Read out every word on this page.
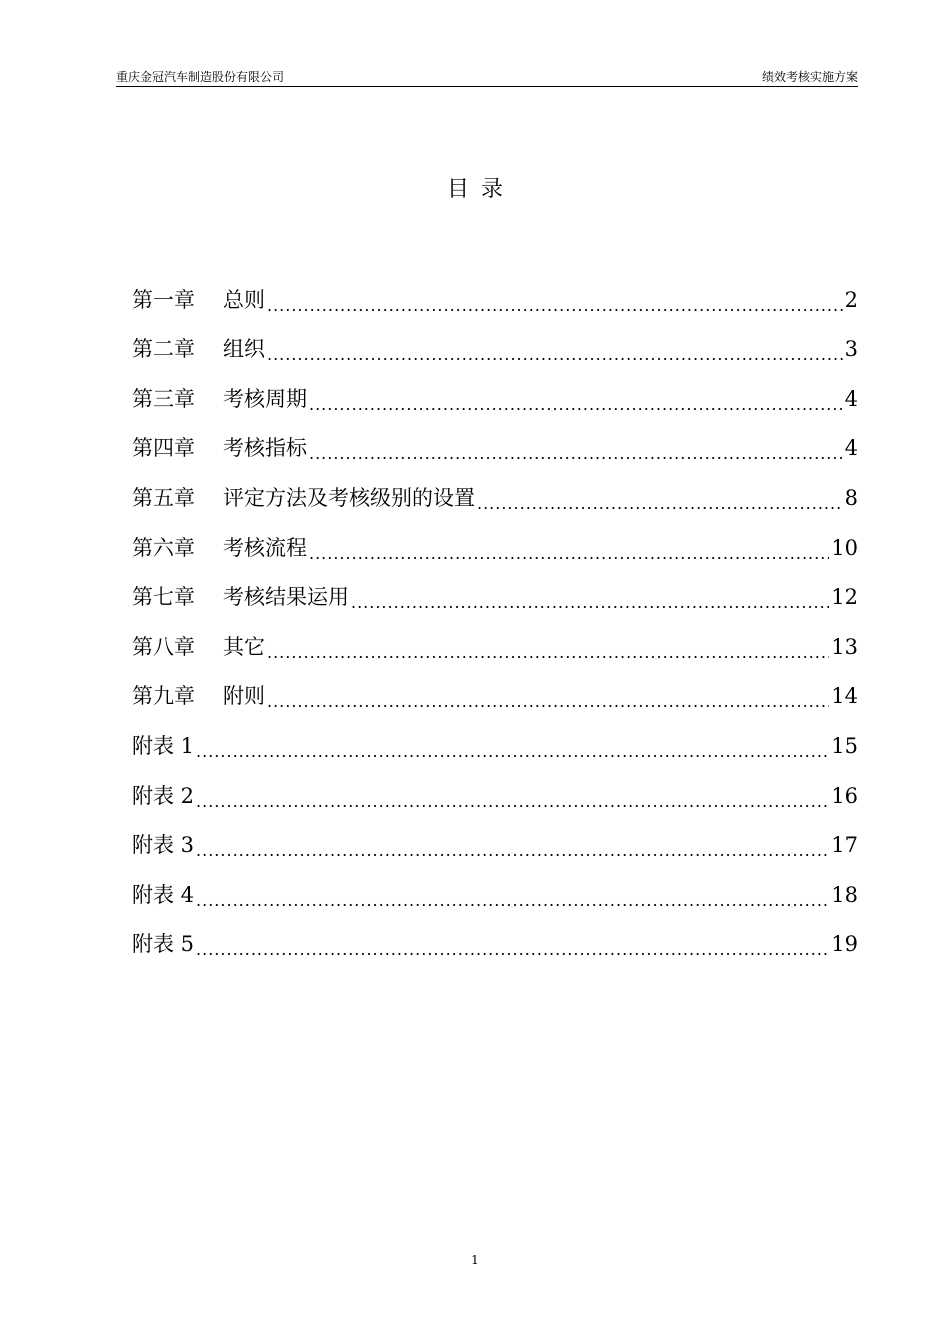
重庆金冠汽车制造股份有限公司	绩效考核实施方案
目录
第一章 总则 .....	2
第二章 组织 .....	3
第三章 考核周期 .....	4
第四章 考核指标 .....	4
第五章 评定方法及考核级别的设置 .....	8
第六章 考核流程 .....	10
第七章 考核结果运用 .....	12
第八章 其它 .....	13
第九章 附则 .....	14
附表 1 .....	15
附表 2 .....	16
附表 3 .....	17
附表 4 .....	18
附表 5 .....	19
1
